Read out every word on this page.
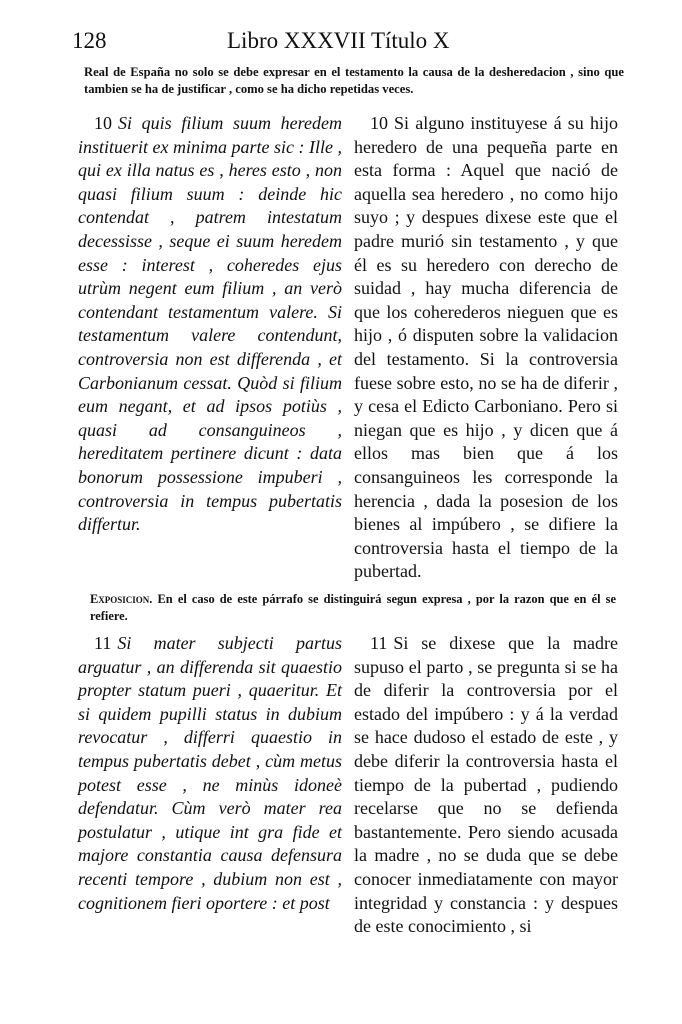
128	Libro XXXVII Título X
Real de España no solo se debe expresar en el testamento la causa de la desheredacion , sino que tambien se ha de justificar , como se ha dicho repetidas veces.

10 Si quis filium suum heredem instituerit ex minima parte sic : Ille , qui ex illa natus es , heres esto , non quasi filium suum : deinde hic contendat , patrem intestatum decessisse , seque ei suum heredem esse : interest , coheredes ejus utrùm negent eum filium , an verò contendant testamentum valere. Si testamentum valere contendunt, controversia non est differenda , et Carbonianum cessat. Quòd si filium eum negant, et ad ipsos potiùs , quasi ad consanguineos , hereditatem pertinere dicunt : data bonorum possessione impuberi , controversia in tempus pubertatis differtur.

10 Si alguno instituyese á su hijo heredero de una pequeña parte en esta forma : Aquel que nació de aquella sea heredero , no como hijo suyo ; y despues dixese este que el padre murió sin testamento , y que él es su heredero con derecho de suidad , hay mucha diferencia de que los coherederos nieguen que es hijo , ó disputen sobre la validacion del testamento. Si la controversia fuese sobre esto, no se ha de diferir , y cesa el Edicto Carboniano. Pero si niegan que es hijo , y dicen que á ellos mas bien que á los consanguineos les corresponde la herencia , dada la posesion de los bienes al impúbero , se difiere la controversia hasta el tiempo de la pubertad.

Exposicion. En el caso de este párrafo se distinguirá segun expresa , por la razon que en él se refiere.

11 Si mater subjecti partus arguatur , an differenda sit quaestio propter statum pueri , quaeritur. Et si quidem pupilli status in dubium revocatur , differri quaestio in tempus pubertatis debet , cùm metus potest esse , ne minùs idoneè defendatur. Cùm verò mater rea postulatur , utique int gra fide et majore constantia causa defensura recenti tempore , dubium non est , cognitionem fieri oportere : et post

11 Si se dixese que la madre supuso el parto , se pregunta si se ha de diferir la controversia por el estado del impúbero : y á la verdad se hace dudoso el estado de este , y debe diferir la controversia hasta el tiempo de la pubertad , pudiendo recelarse que no se defienda bastantemente. Pero siendo acusada la madre , no se duda que se debe conocer inmediatamente con mayor integridad y constancia : y despues de este conocimiento , si
